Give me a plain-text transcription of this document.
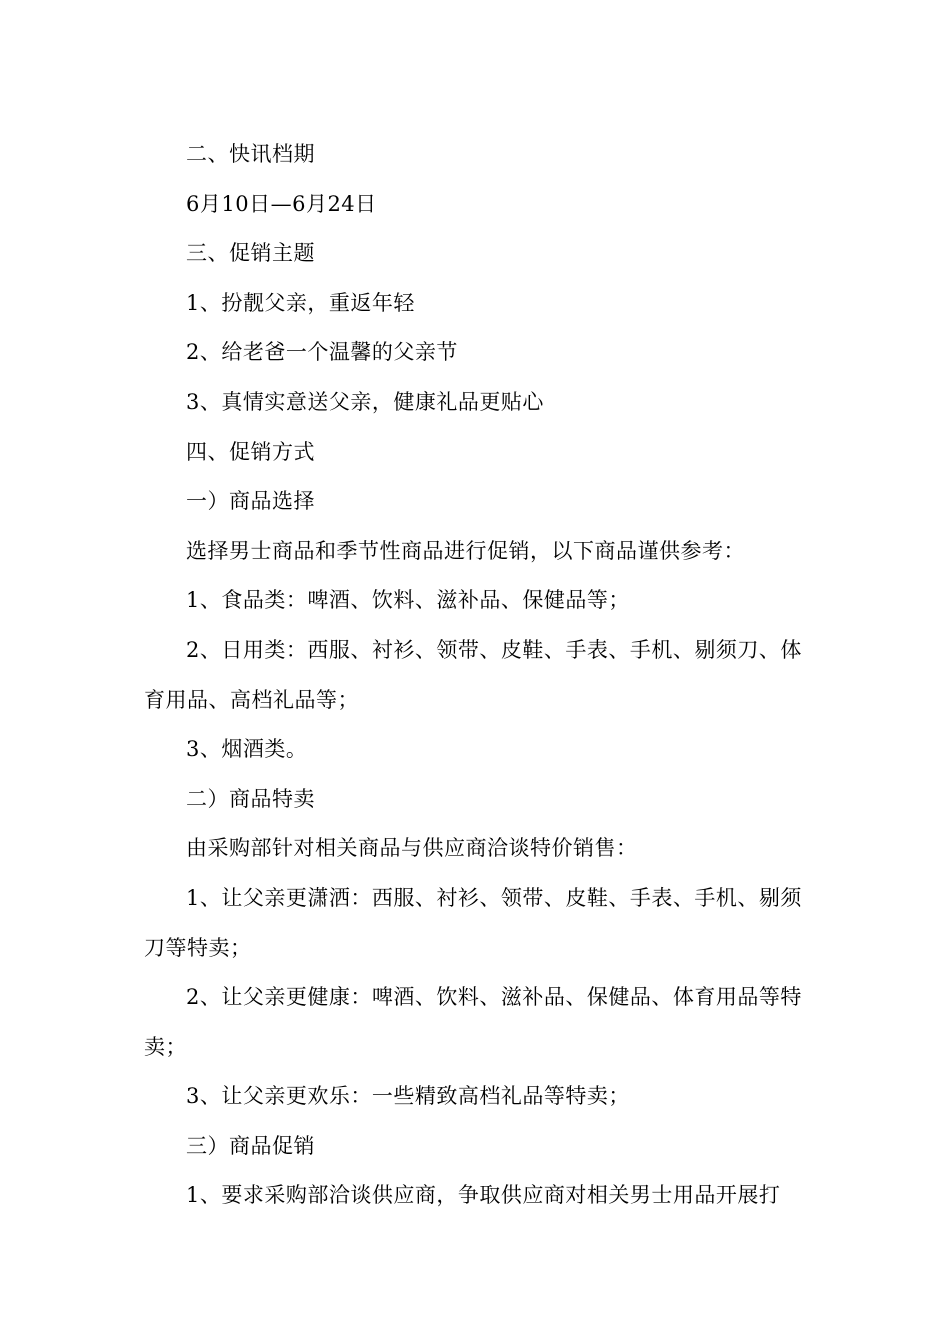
二、快讯档期

6月10日—6月24日

三、促销主题

1、扮靓父亲，重返年轻

2、给老爸一个温馨的父亲节

3、真情实意送父亲，健康礼品更贴心

四、促销方式

一）商品选择

选择男士商品和季节性商品进行促销，以下商品谨供参考：

1、食品类：啤酒、饮料、滋补品、保健品等；

2、日用类：西服、衬衫、领带、皮鞋、手表、手机、剔须刀、体育用品、高档礼品等；

3、烟酒类。

二）商品特卖

由采购部针对相关商品与供应商洽谈特价销售：

1、让父亲更潇洒：西服、衬衫、领带、皮鞋、手表、手机、剔须刀等特卖；

2、让父亲更健康：啤酒、饮料、滋补品、保健品、体育用品等特卖；

3、让父亲更欢乐：一些精致高档礼品等特卖；

三）商品促销

1、要求采购部洽谈供应商，争取供应商对相关男士用品开展打
